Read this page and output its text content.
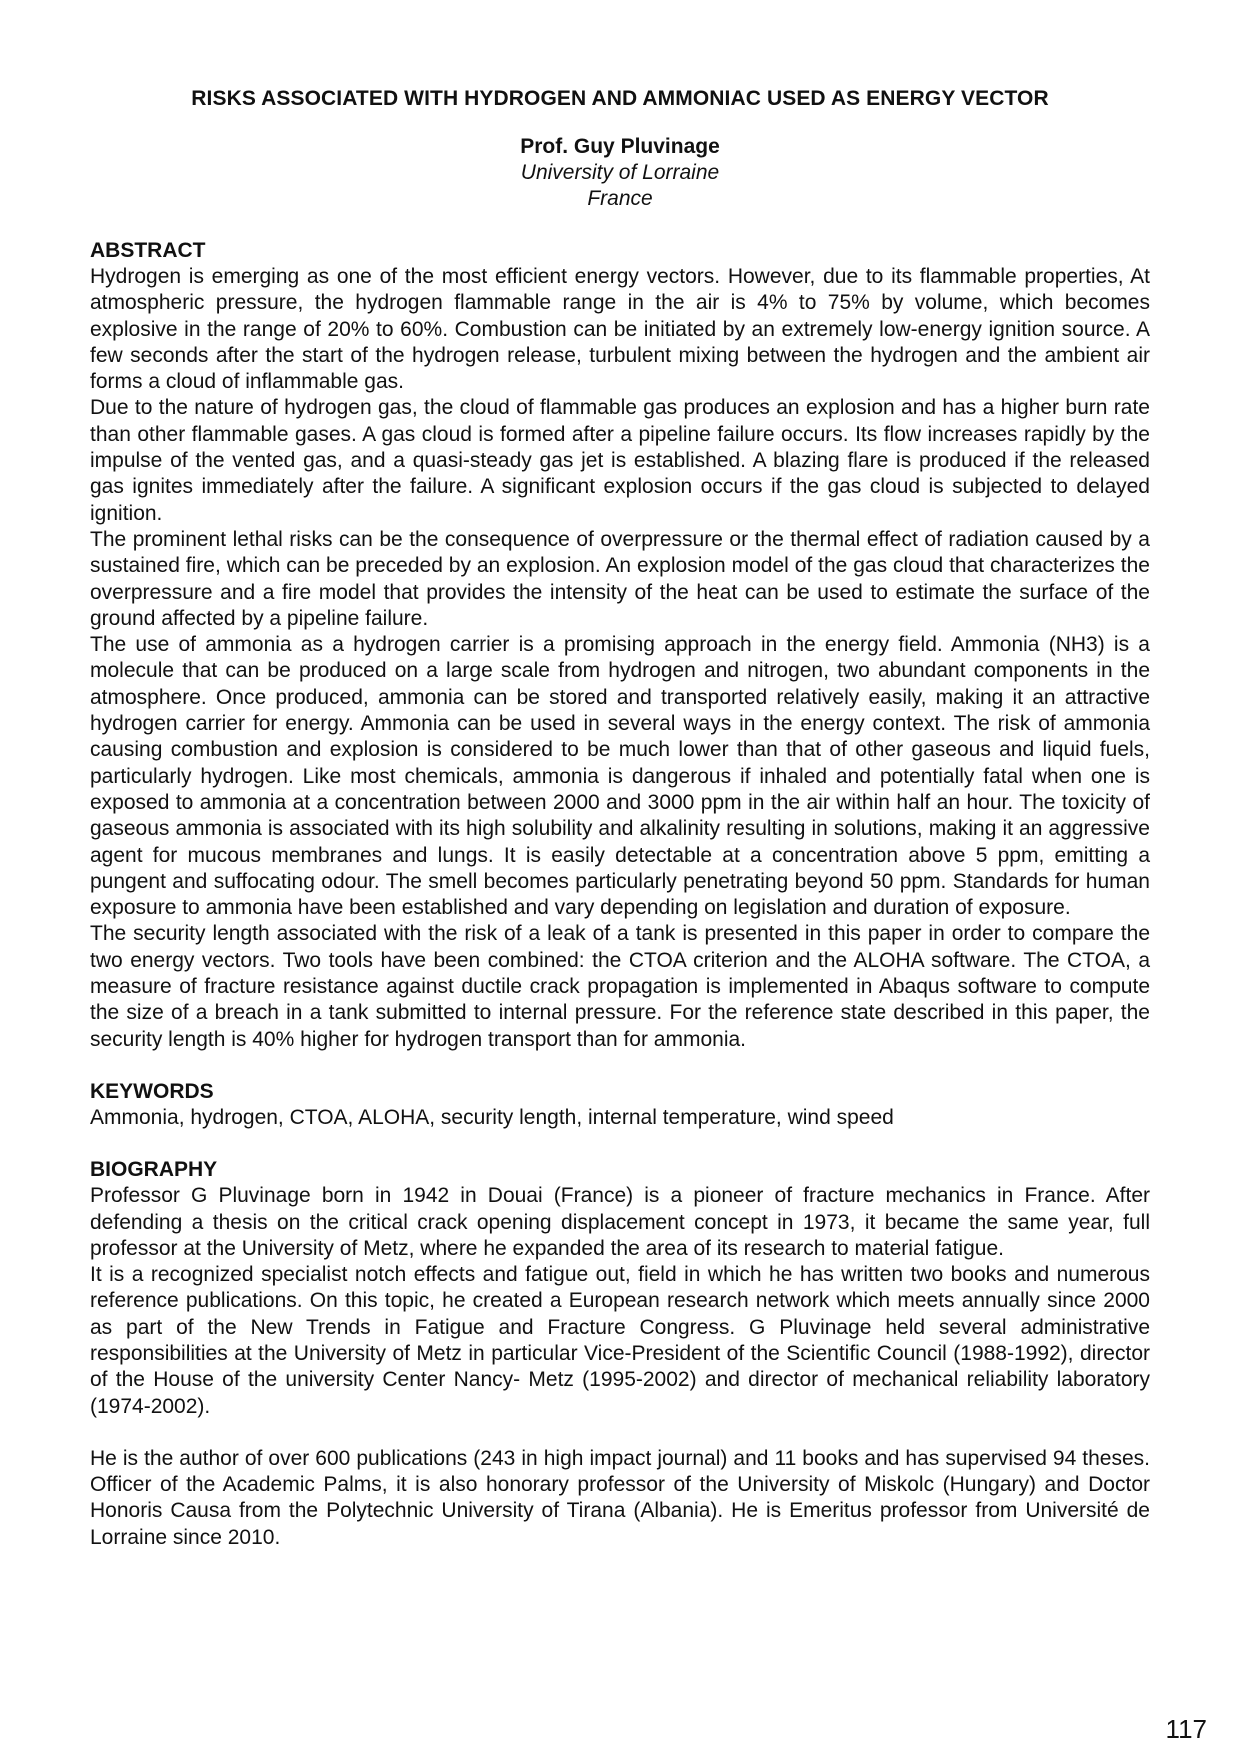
RISKS ASSOCIATED WITH HYDROGEN AND AMMONIAC USED AS ENERGY VECTOR
Prof. Guy Pluvinage
University of Lorraine
France
ABSTRACT

Hydrogen is emerging as one of the most efficient energy vectors. However, due to its flammable properties, At atmospheric pressure, the hydrogen flammable range in the air is 4% to 75% by volume, which becomes explosive in the range of 20% to 60%. Combustion can be initiated by an extremely low-energy ignition source. A few seconds after the start of the hydrogen release, turbulent mixing between the hydrogen and the ambient air forms a cloud of inflammable gas.

Due to the nature of hydrogen gas, the cloud of flammable gas produces an explosion and has a higher burn rate than other flammable gases. A gas cloud is formed after a pipeline failure occurs. Its flow increases rapidly by the impulse of the vented gas, and a quasi-steady gas jet is established. A blazing flare is produced if the released gas ignites immediately after the failure. A significant explosion occurs if the gas cloud is subjected to delayed ignition.

The prominent lethal risks can be the consequence of overpressure or the thermal effect of radiation caused by a sustained fire, which can be preceded by an explosion. An explosion model of the gas cloud that characterizes the overpressure and a fire model that provides the intensity of the heat can be used to estimate the surface of the ground affected by a pipeline failure.

The use of ammonia as a hydrogen carrier is a promising approach in the energy field. Ammonia (NH3) is a molecule that can be produced on a large scale from hydrogen and nitrogen, two abundant components in the atmosphere. Once produced, ammonia can be stored and transported relatively easily, making it an attractive hydrogen carrier for energy. Ammonia can be used in several ways in the energy context. The risk of ammonia causing combustion and explosion is considered to be much lower than that of other gaseous and liquid fuels, particularly hydrogen. Like most chemicals, ammonia is dangerous if inhaled and potentially fatal when one is exposed to ammonia at a concentration between 2000 and 3000 ppm in the air within half an hour. The toxicity of gaseous ammonia is associated with its high solubility and alkalinity resulting in solutions, making it an aggressive agent for mucous membranes and lungs. It is easily detectable at a concentration above 5 ppm, emitting a pungent and suffocating odour. The smell becomes particularly penetrating beyond 50 ppm. Standards for human exposure to ammonia have been established and vary depending on legislation and duration of exposure.

The security length associated with the risk of a leak of a tank is presented in this paper in order to compare the two energy vectors. Two tools have been combined: the CTOA criterion and the ALOHA software. The CTOA, a measure of fracture resistance against ductile crack propagation is implemented in Abaqus software to compute the size of a breach in a tank submitted to internal pressure. For the reference state described in this paper, the security length is 40% higher for hydrogen transport than for ammonia.

KEYWORDS

Ammonia, hydrogen, CTOA, ALOHA, security length, internal temperature, wind speed

BIOGRAPHY

Professor G Pluvinage born in 1942 in Douai (France) is a pioneer of fracture mechanics in France. After defending a thesis on the critical crack opening displacement concept in 1973, it became the same year, full professor at the University of Metz, where he expanded the area of its research to material fatigue.

It is a recognized specialist notch effects and fatigue out, field in which he has written two books and numerous reference publications. On this topic, he created a European research network which meets annually since 2000 as part of the New Trends in Fatigue and Fracture Congress. G Pluvinage held several administrative responsibilities at the University of Metz in particular Vice-President of the Scientific Council (1988-1992), director of the House of the university Center Nancy- Metz (1995-2002) and director of mechanical reliability laboratory (1974-2002).

He is the author of over 600 publications (243 in high impact journal) and 11 books and has supervised 94 theses. Officer of the Academic Palms, it is also honorary professor of the University of Miskolc (Hungary) and Doctor Honoris Causa from the Polytechnic University of Tirana (Albania). He is Emeritus professor from Université de Lorraine since 2010.

117
